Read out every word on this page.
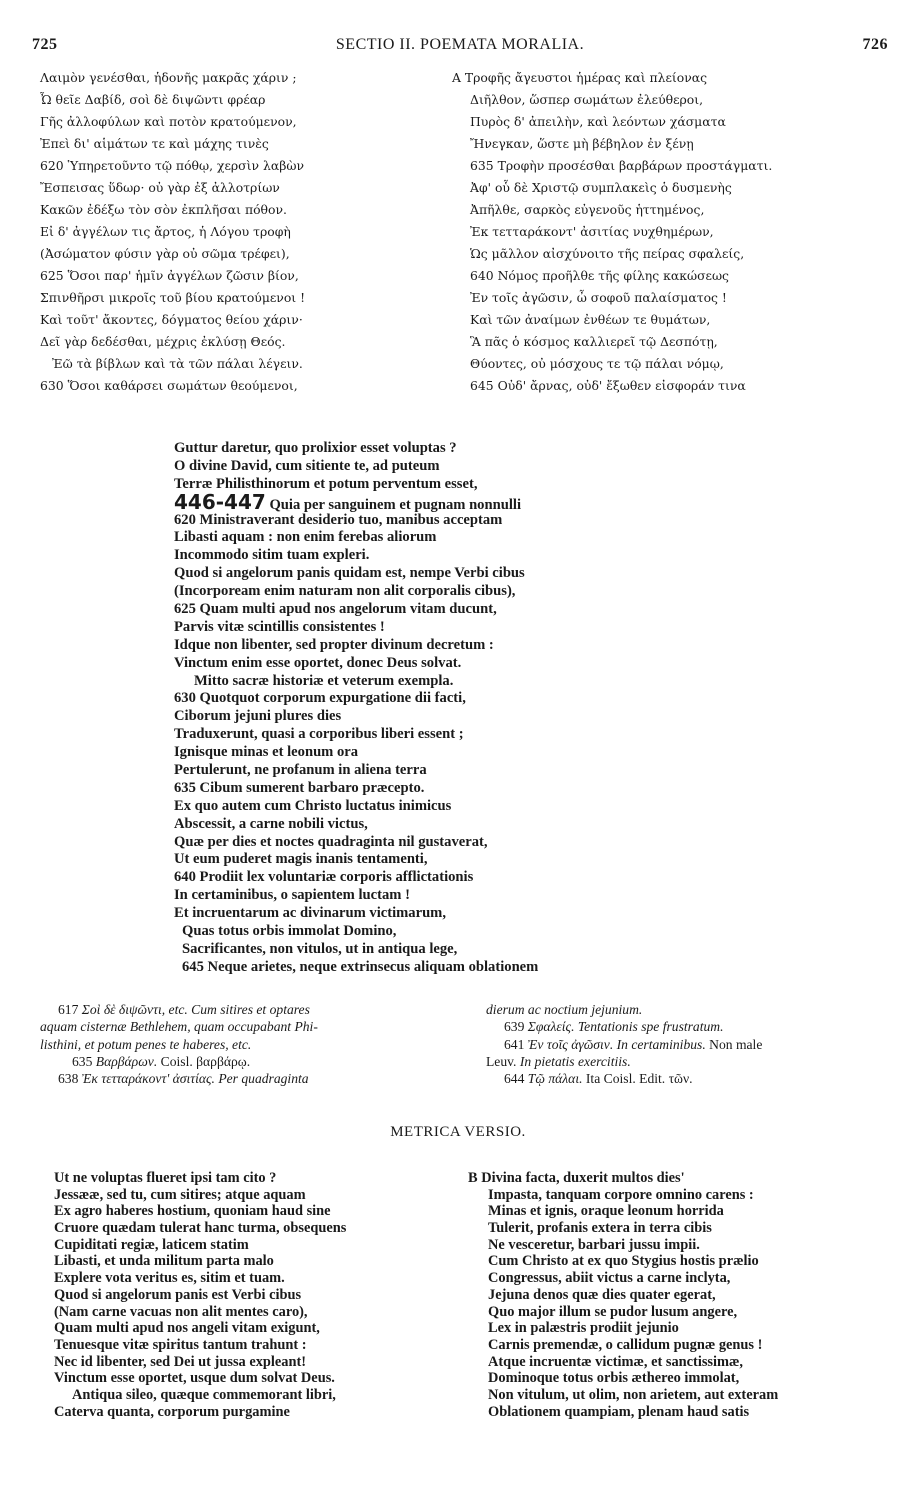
725	SECTIO II. POEMATA MORALIA.	726
Λαιμὸν γενέσθαι, ἡδονῆς μακρᾶς χάριν ;
Ὦ θεῖε Δαβίδ, σοὶ δὲ διψῶντι φρέαρ
Γῆς ἀλλοφύλων καὶ ποτὸν κρατούμενον,
Ἐπεὶ δι' αἱμάτων τε καὶ μάχης τινὲς
620 Ὑπηρετοῦντο τῷ πόθῳ, χερσὶν λαβὼν
Ἔσπεισας ὕδωρ· οὐ γὰρ ἐξ ἀλλοτρίων
Κακῶν ἐδέξω τὸν σὸν ἐκπλῆσαι πόθον.
Εἰ δ' ἀγγέλων τις ἄρτος, ἡ Λόγου τροφὴ
(Ἀσώματον φύσιν γὰρ οὐ σῶμα τρέφει),
625 Ὅσοι παρ' ἡμῖν ἀγγέλων ζῶσιν βίον,
Σπινθῆρσι μικροῖς τοῦ βίου κρατούμενοι !
Καὶ τοῦτ' ἄκοντες, δόγματος θείου χάριν·
Δεῖ γὰρ δεδέσθαι, μέχρις ἐκλύσῃ Θεός.
Ἐῶ τὰ βίβλων καὶ τὰ τῶν πάλαι λέγειν.
630 Ὅσοι καθάρσει σωμάτων θεούμενοι,
A Τροφῆς ἄγευστοι ἡμέρας καὶ πλείονας
Διῆλθον, ὥσπερ σωμάτων ἐλεύθεροι,
Πυρὸς δ' ἀπειλὴν, καὶ λεόντων χάσματα
Ἤνεγκαν, ὥστε μὴ βέβηλον ἐν ξένῃ
635 Τροφὴν προσέσθαι βαρβάρων προστάγματι.
Ἀφ' οὗ δὲ Χριστῷ συμπλακεὶς ὁ δυσμενὴς
Ἀπῆλθε, σαρκὸς εὐγενοῦς ἡττημένος,
Ἐκ τετταράκοντ' ἀσιτίας νυχθημέρων,
Ὡς μᾶλλον αἰσχύνοιτο τῆς πείρας σφαλείς,
640 Νόμος προῆλθε τῆς φίλης κακώσεως
Ἐν τοῖς ἀγῶσιν, ὦ σοφοῦ παλαίσματος !
Καὶ τῶν ἀναίμων ἐνθέων τε θυμάτων,
Ἃ πᾶς ὁ κόσμος καλλιερεῖ τῷ Δεσπότῃ,
Θύοντες, οὐ μόσχους τε τῷ πάλαι νόμῳ,
645 Οὐδ' ἄρνας, οὐδ' ἔξωθεν εἰσφοράν τινα
Guttur daretur, quo prolixior esset voluptas ?
O divine David, cum sitiente te, ad puteum
Terræ Philisthinorum et potum perventum esset,
446-447 Quia per sanguinem et pugnam nonnulli
620 Ministraverant desiderio tuo, manibus acceptam
Libasti aquam : non enim ferebas aliorum
Incommodo sitim tuam expleri.
Quod si angelorum panis quidam est, nempe Verbi cibus
(Incorpoream enim naturam non alit corporalis cibus),
625 Quam multi apud nos angelorum vitam ducunt,
Parvis vitæ scintillis consistentes !
Idque non libenter, sed propter divinum decretum :
Vinctum enim esse oportet, donec Deus solvat.
Mitto sacræ historiæ et veterum exempla.
630 Quotquot corporum expurgatione dii facti,
Ciborum jejuni plures dies
Traduxerunt, quasi a corporibus liberi essent ;
Ignisque minas et leonum ora
Pertulerunt, ne profanum in aliena terra
635 Cibum sumerent barbaro præcepto.
Ex quo autem cum Christo luctatus inimicus
Abscessit, a carne nobili victus,
Quæ per dies et noctes quadraginta nil gustaverat,
Ut eum puderet magis inanis tentamenti,
640 Prodiit lex voluntariæ corporis afflictationis
In certaminibus, o sapientem luctam !
Et incruentarum ac divinarum victimarum,
Quas totus orbis immolat Domino,
Sacrificantes, non vitulos, ut in antiqua lege,
645 Neque arietes, neque extrinsecus aliquam oblationem
617 Σοὶ δὲ διψῶντι, etc. Cum sitires et optares
aquam cisternæ Bethlehem, quam occupabant Phi-
listhini, et potum penes te haberes, etc.
635 Βαρβάρων. Coisl. βαρβάρῳ.
638 Ἐκ τετταράκοντ' ἀσιτίας. Per quadraginta
dierum ac noctium jejunium.
639 Σφαλείς. Tentationis spe frustratum.
641 Ἐν τοῖς ἀγῶσιν. In certaminibus. Non male
Leuv. In pietatis exercitiis.
644 Τῷ πάλαι. Ita Coisl. Edit. τῶν.
METRICA VERSIO.
Ut ne voluptas flueret ipsi tam cito ?
Jessææ, sed tu, cum sitires; atque aquam
Ex agro haberes hostium, quoniam haud sine
Cruore quædam tulerat hanc turma, obsequens
Cupiditati regiæ, laticem statim
Libasti, et unda militum parta malo
Explere vota veritus es, sitim et tuam.
Quod si angelorum panis est Verbi cibus
(Nam carne vacuas non alit mentes caro),
Quam multi apud nos angeli vitam exigunt,
Tenuesque vitæ spiritus tantum trahunt :
Nec id libenter, sed Dei ut jussa expleant!
Vinctum esse oportet, usque dum solvat Deus.
Antiqua sileo, quæque commemorant libri,
Caterva quanta, corporum purgamine
B Divina facta, duxerit multos dies'
Impasta, tanquam corpore omnino carens :
Minas et ignis, oraque leonum horrida
Tulerit, profanis extera in terra cibis
Ne vesceretur, barbari jussu impii.
Cum Christo at ex quo Stygius hostis prælio
Congressus, abiit victus a carne inclyta,
Jejuna denos quæ dies quater egerat,
Quo major illum se pudor lusum angere,
Lex in palæstris prodiit jejunio
Carnis premendæ, o callidum pugnæ genus !
Atque incruentæ victimæ, et sanctissimæ,
Dominoque totus orbis æthereo immolat,
Non vitulum, ut olim, non arietem, aut exteram
Oblationem quampiam, plenam haud satis
